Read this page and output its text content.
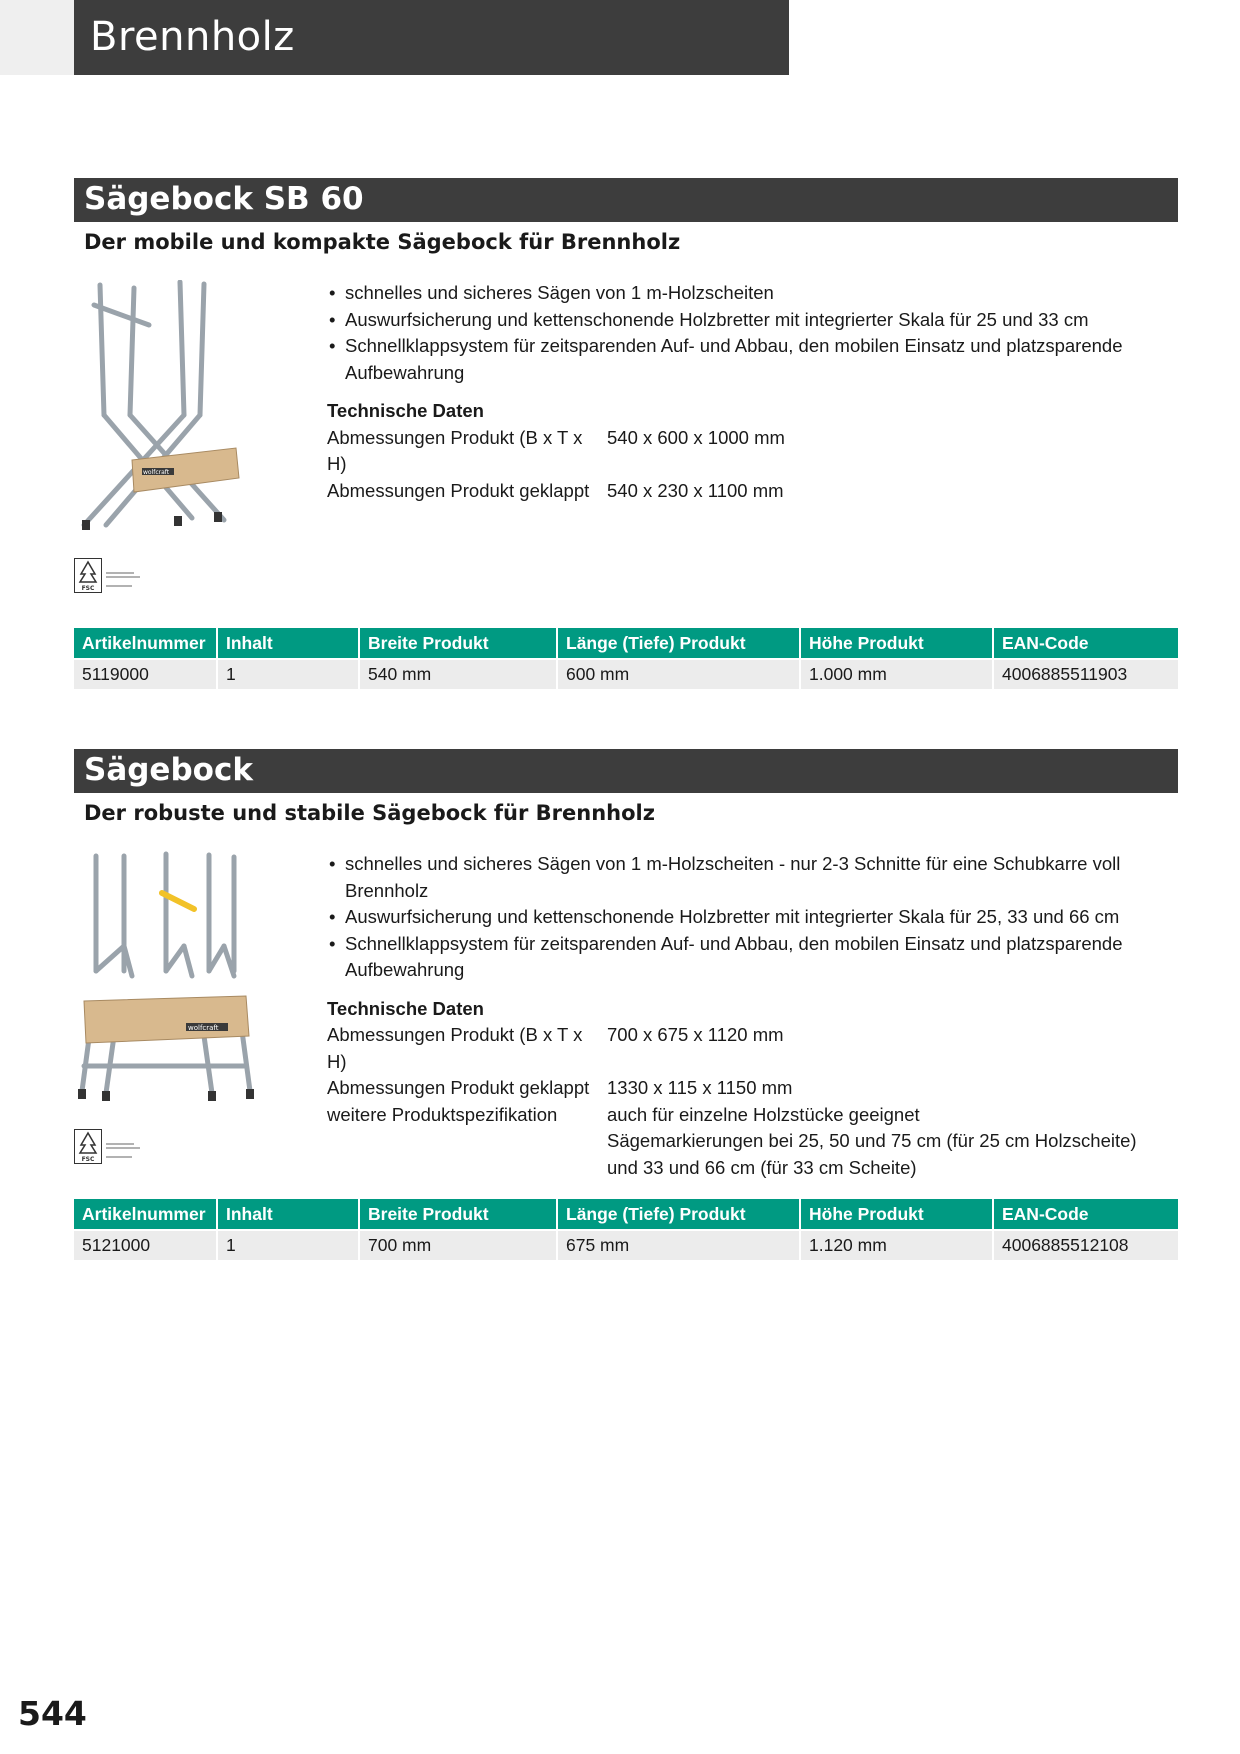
Brennholz
Sägebock SB 60
Der mobile und kompakte Sägebock für Brennholz
wolfcraft
• schnelles und sicheres Sägen von 1 m-Holzscheiten
• Auswurfsicherung und kettenschonende Holzbretter mit integrierter Skala für 25 und 33 cm
• Schnellklappsystem für zeitsparenden Auf- und Abbau, den mobilen Einsatz und platzsparende Aufbewahrung
Technische Daten
Abmessungen Produkt (B x T x H)
540 x 600 x 1000 mm
Abmessungen Produkt geklappt 540 x 230 x 1100 mm
FSC
Artikelnummer	Inhalt	Breite Produkt	Länge (Tiefe) Produkt	Höhe Produkt	EAN-Code
5119000	1	540 mm	600 mm	1.000 mm	4006885511903
Sägebock
Der robuste und stabile Sägebock für Brennholz
wolfcraft
• schnelles und sicheres Sägen von 1 m-Holzscheiten - nur 2-3 Schnitte für eine Schubkarre voll Brennholz
• Auswurfsicherung und kettenschonende Holzbretter mit integrierter Skala für 25, 33 und 66 cm
• Schnellklappsystem für zeitsparenden Auf- und Abbau, den mobilen Einsatz und platzsparende Aufbewahrung
Technische Daten
Abmessungen Produkt (B x T x H)
700 x 675 x 1120 mm
Abmessungen Produkt geklappt 1330 x 115 x 1150 mm
weitere Produktspezifikation	auch für einzelne Holzstücke geeignet
Sägemarkierungen bei 25, 50 und 75 cm (für 25 cm Holzscheite) und 33 und 66 cm (für 33 cm Scheite)
FSC
Artikelnummer	Inhalt	Breite Produkt	Länge (Tiefe) Produkt	Höhe Produkt	EAN-Code
5121000	1	700 mm	675 mm	1.120 mm	4006885512108
544
